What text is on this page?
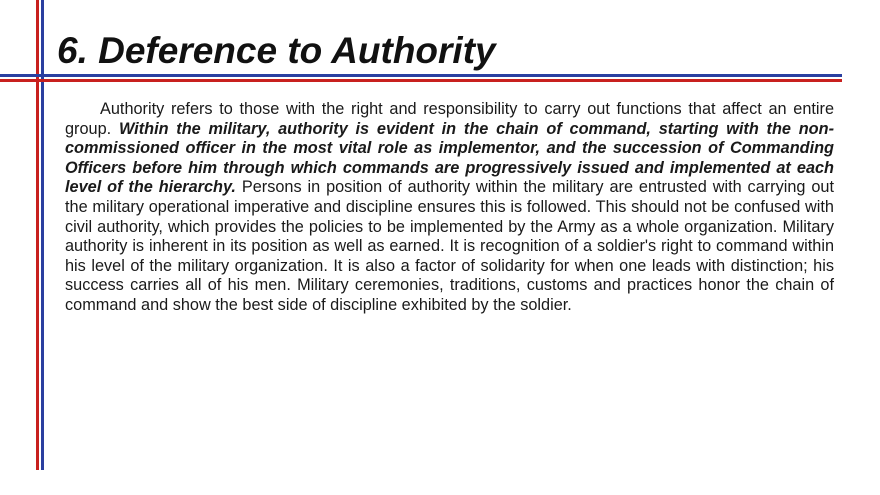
6. Deference to Authority

Authority refers to those with the right and responsibility to carry out functions that affect an entire group. Within the military, authority is evident in the chain of command, starting with the non-commissioned officer in the most vital role as implementor, and the succession of Commanding Officers before him through which commands are progressively issued and implemented at each level of the hierarchy. Persons in position of authority within the military are entrusted with carrying out the military operational imperative and discipline ensures this is followed. This should not be confused with civil authority, which provides the policies to be implemented by the Army as a whole organization. Military authority is inherent in its position as well as earned. It is recognition of a soldier's right to command within his level of the military organization. It is also a factor of solidarity for when one leads with distinction; his success carries all of his men. Military ceremonies, traditions, customs and practices honor the chain of command and show the best side of discipline exhibited by the soldier.
